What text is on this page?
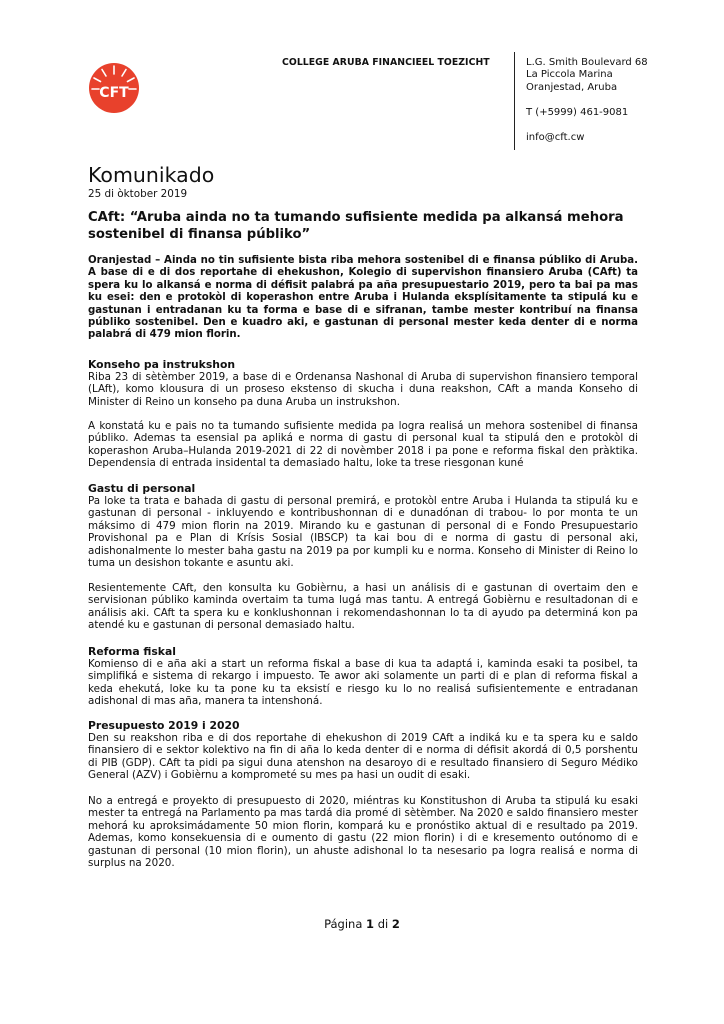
CFT
COLLEGE ARUBA FINANCIEEL TOEZICHT	L.G. Smith Boulevard 68
La Piccola Marina
Oranjestad, Aruba
T (+5999) 461-9081
info@cft.cw
Komunikado
25 di òktober 2019
CAft: “Aruba ainda no ta tumando sufisiente medida pa alkansá mehora sostenibel di finansa públiko”
Oranjestad – Ainda no tin sufisiente bista riba mehora sostenibel di e finansa públiko di Aruba. A base di e di dos reportahe di ehekushon, Kolegio di supervishon finansiero Aruba (CAft) ta spera ku lo alkansá e norma di défisit palabrá pa aña presupuestario 2019, pero ta bai pa mas ku esei: den e protokòl di koperashon entre Aruba i Hulanda eksplísitamente ta stipulá ku e gastunan i entradanan ku ta forma e base di e sifranan, tambe mester kontribuí na finansa públiko sostenibel. Den e kuadro aki, e gastunan di personal mester keda denter di e norma palabrá di 479 mion florin.
Konseho pa instrukshon
Riba 23 di sètèmber 2019, a base di e Ordenansa Nashonal di Aruba di supervishon finansiero temporal (LAft), komo klousura di un proseso ekstenso di skucha i duna reakshon, CAft a manda Konseho di Minister di Reino un konseho pa duna Aruba un instrukshon.
A konstatá ku e pais no ta tumando sufisiente medida pa logra realisá un mehora sostenibel di finansa públiko. Ademas ta esensial pa apliká e norma di gastu di personal kual ta stipulá den e protokòl di koperashon Aruba–Hulanda 2019-2021 di 22 di novèmber 2018 i pa pone e reforma fiskal den pràktika. Dependensia di entrada insidental ta demasiado haltu, loke ta trese riesgonan kuné
Gastu di personal
Pa loke ta trata e bahada di gastu di personal premirá, e protokòl entre Aruba i Hulanda ta stipulá ku e gastunan di personal - inkluyendo e kontribushonnan di e dunadónan di trabou- lo por monta te un máksimo di 479 mion florin na 2019. Mirando ku e gastunan di personal di e Fondo Presupuestario Provishonal pa e Plan di Krísis Sosial (IBSCP) ta kai bou di e norma di gastu di personal aki, adishonalmente lo mester baha gastu na 2019 pa por kumpli ku e norma. Konseho di Minister di Reino lo tuma un desishon tokante e asuntu aki.
Resientemente CAft, den konsulta ku Gobièrnu, a hasi un análisis di e gastunan di overtaim den e servisionan públiko kaminda overtaim ta tuma lugá mas tantu. A entregá Gobièrnu e resultadonan di e análisis aki. CAft ta spera ku e konklushonnan i rekomendashonnan lo ta di ayudo pa determiná kon pa atendé ku e gastunan di personal demasiado haltu.
Reforma fiskal
Komienso di e aña aki a start un reforma fiskal a base di kua ta adaptá i, kaminda esaki ta posibel, ta simplifiká e sistema di rekargo i impuesto. Te awor aki solamente un parti di e plan di reforma fiskal a keda ehekutá, loke ku ta pone ku ta eksistí e riesgo ku lo no realisá sufisientemente e entradanan adishonal di mas aña, manera ta intenshoná.
Presupuesto 2019 i 2020
Den su reakshon riba e di dos reportahe di ehekushon di 2019 CAft a indiká ku e ta spera ku e saldo finansiero di e sektor kolektivo na fin di aña lo keda denter di e norma di défisit akordá di 0,5 porshentu di PIB (GDP). CAft ta pidi pa sigui duna atenshon na desaroyo di e resultado finansiero di Seguro Médiko General (AZV) i Gobièrnu a komprometé su mes pa hasi un oudit di esaki.
No a entregá e proyekto di presupuesto di 2020, miéntras ku Konstitushon di Aruba ta stipulá ku esaki mester ta entregá na Parlamento pa mas tardá dia promé di sètèmber. Na 2020 e saldo finansiero mester mehorá ku aproksimádamente 50 mion florin, kompará ku e pronóstiko aktual di e resultado pa 2019. Ademas, komo konsekuensia di e oumento di gastu (22 mion florin) i di e kresemento outónomo di e gastunan di personal (10 mion florin), un ahuste adishonal lo ta nesesario pa logra realisá e norma di surplus na 2020.
Página 1 di 2
